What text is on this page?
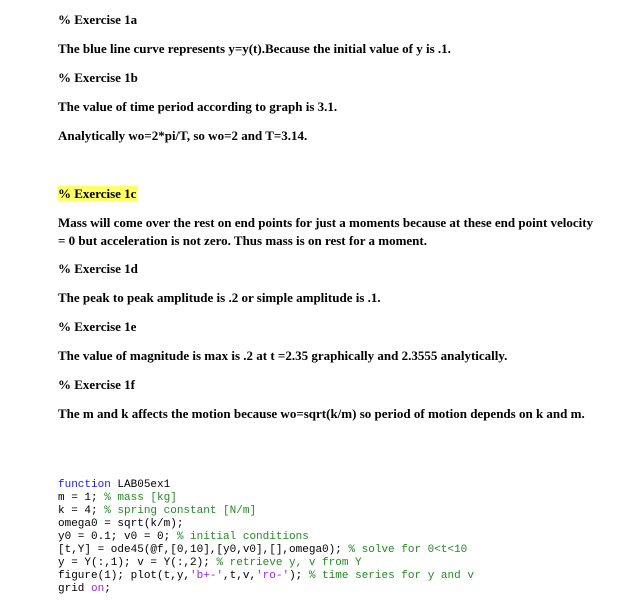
% Exercise 1a
The blue line curve represents y=y(t).Because the initial value of y is .1.
% Exercise 1b
The value of time period according to graph is 3.1.
Analytically wo=2*pi/T, so wo=2 and T=3.14.
% Exercise 1c
Mass will come over the rest on end points for just a moments because at these end point velocity = 0 but acceleration is not zero. Thus mass is on rest for a moment.
% Exercise 1d
The peak to peak amplitude is .2 or simple amplitude is .1.
% Exercise 1e
The value of magnitude is max is .2 at t =2.35 graphically and 2.3555 analytically.
% Exercise 1f
The m and k affects the motion because wo=sqrt(k/m) so period of motion depends on k and m.
function LAB05ex1
m = 1; % mass [kg]
k = 4; % spring constant [N/m]
omega0 = sqrt(k/m);
y0 = 0.1; v0 = 0; % initial conditions
[t,Y] = ode45(@f,[0,10],[y0,v0],[],omega0); % solve for 0<t<10
y = Y(:,1); v = Y(:,2); % retrieve y, v from Y
figure(1); plot(t,y,'b+-',t,v,'ro-'); % time series for y and v
grid on;
